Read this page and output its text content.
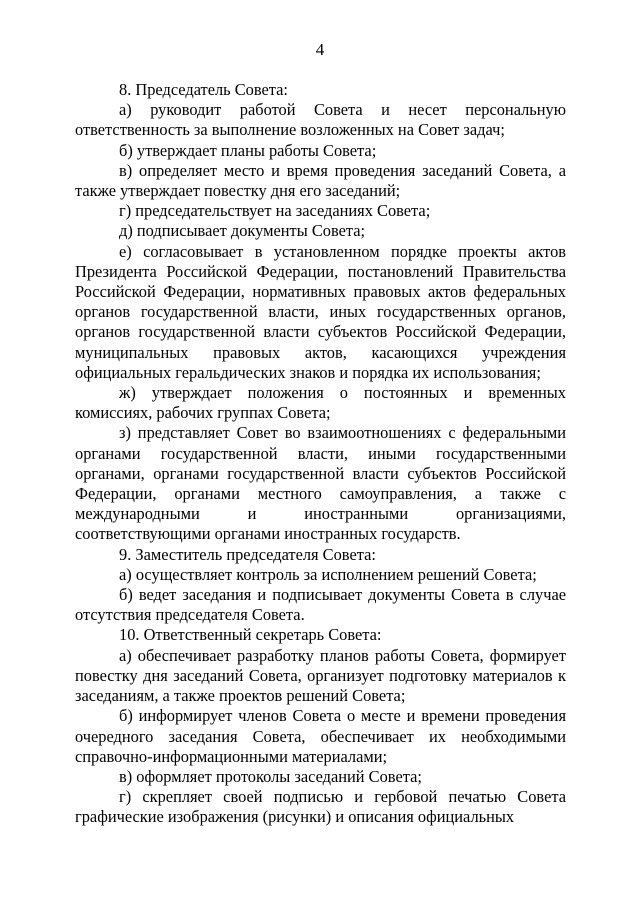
4

8. Председатель Совета:

а) руководит работой Совета и несет персональную ответственность за выполнение возложенных на Совет задач;

б) утверждает планы работы Совета;

в) определяет место и время проведения заседаний Совета, а также утверждает повестку дня его заседаний;

г) председательствует на заседаниях Совета;

д) подписывает документы Совета;

е) согласовывает в установленном порядке проекты актов Президента Российской Федерации, постановлений Правительства Российской Федерации, нормативных правовых актов федеральных органов государственной власти, иных государственных органов, органов государственной власти субъектов Российской Федерации, муниципальных правовых актов, касающихся учреждения официальных геральдических знаков и порядка их использования;

ж) утверждает положения о постоянных и временных комиссиях, рабочих группах Совета;

з) представляет Совет во взаимоотношениях с федеральными органами государственной власти, иными государственными органами, органами государственной власти субъектов Российской Федерации, органами местного самоуправления, а также с международными и иностранными организациями, соответствующими органами иностранных государств.

9. Заместитель председателя Совета:

а) осуществляет контроль за исполнением решений Совета;

б) ведет заседания и подписывает документы Совета в случае отсутствия председателя Совета.

10. Ответственный секретарь Совета:

а) обеспечивает разработку планов работы Совета, формирует повестку дня заседаний Совета, организует подготовку материалов к заседаниям, а также проектов решений Совета;

б) информирует членов Совета о месте и времени проведения очередного заседания Совета, обеспечивает их необходимыми справочно-информационными материалами;

в) оформляет протоколы заседаний Совета;

г) скрепляет своей подписью и гербовой печатью Совета графические изображения (рисунки) и описания официальных
